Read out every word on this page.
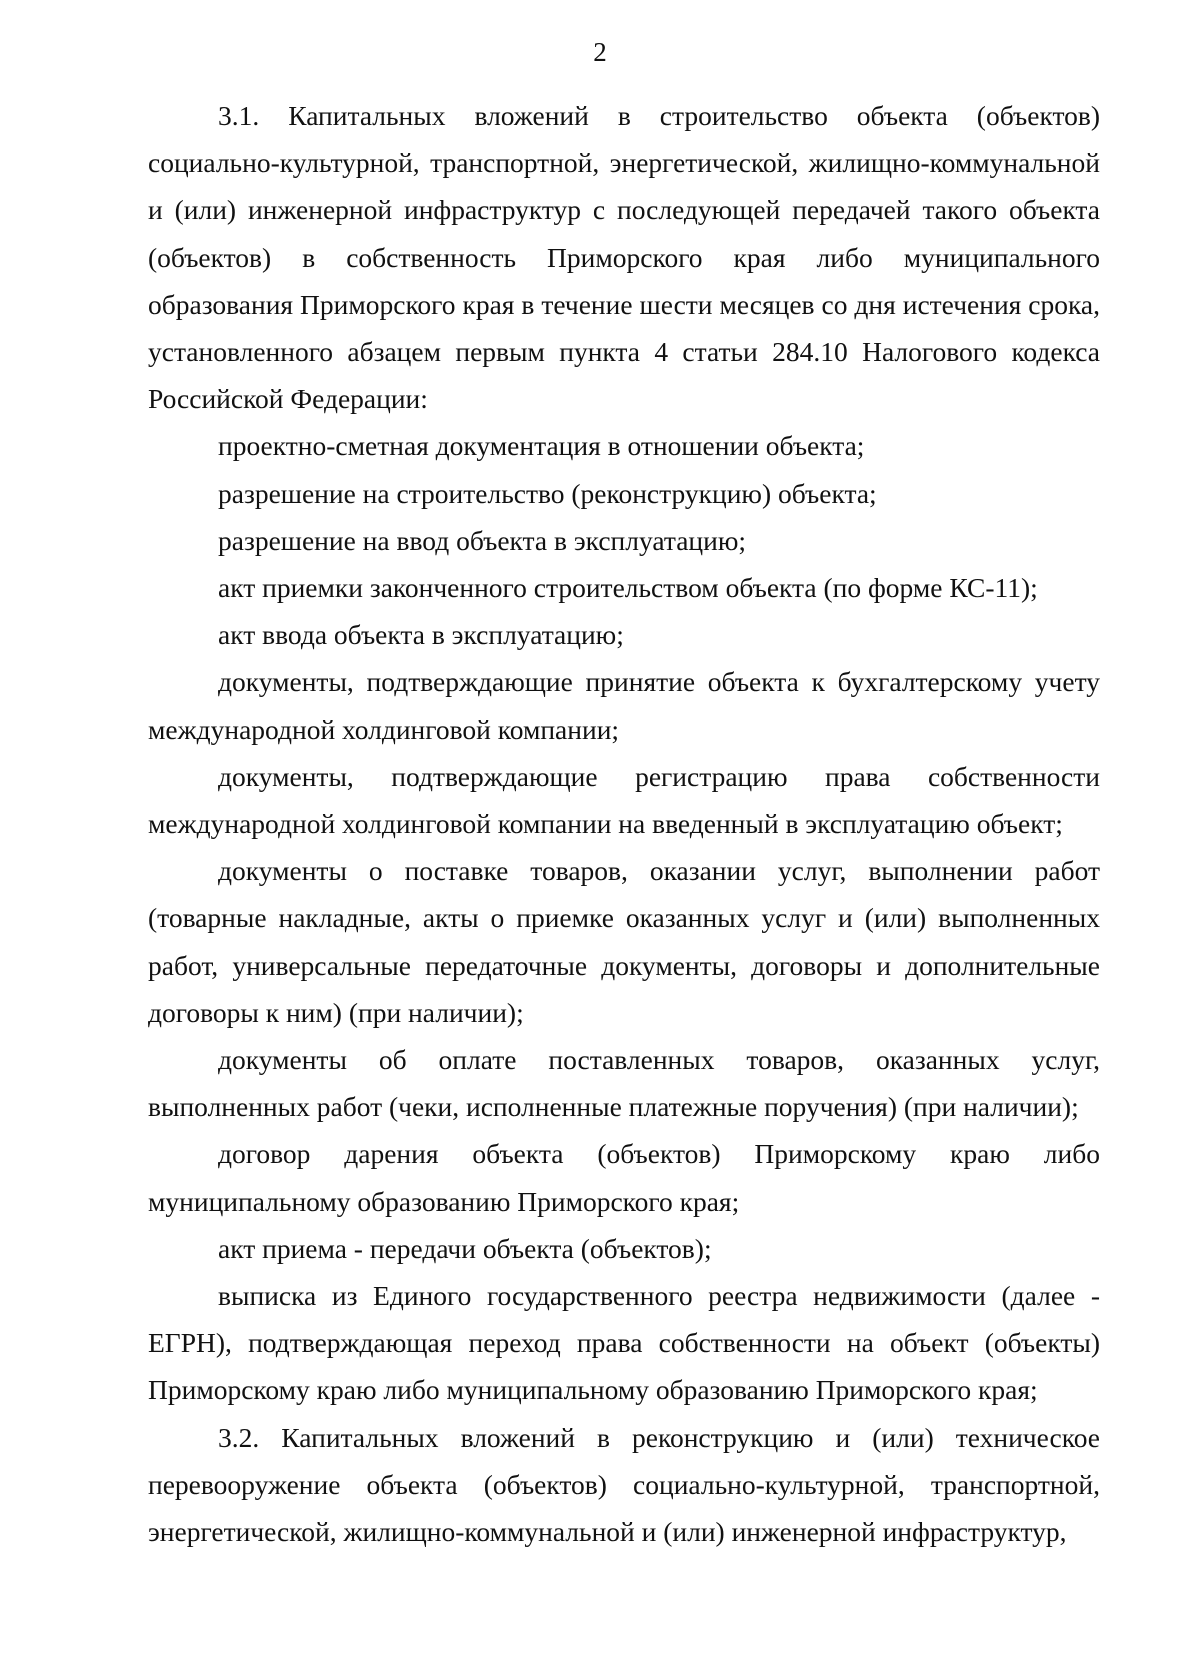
2

3.1. Капитальных вложений в строительство объекта (объектов) социально-культурной, транспортной, энергетической, жилищно-коммунальной и (или) инженерной инфраструктур с последующей передачей такого объекта (объектов) в собственность Приморского края либо муниципального образования Приморского края в течение шести месяцев со дня истечения срока, установленного абзацем первым пункта 4 статьи 284.10 Налогового кодекса Российской Федерации:

проектно-сметная документация в отношении объекта;

разрешение на строительство (реконструкцию) объекта;

разрешение на ввод объекта в эксплуатацию;

акт приемки законченного строительством объекта (по форме КС-11);

акт ввода объекта в эксплуатацию;

документы, подтверждающие принятие объекта к бухгалтерскому учету международной холдинговой компании;

документы, подтверждающие регистрацию права собственности международной холдинговой компании на введенный в эксплуатацию объект;

документы о поставке товаров, оказании услуг, выполнении работ (товарные накладные, акты о приемке оказанных услуг и (или) выполненных работ, универсальные передаточные документы, договоры и дополнительные договоры к ним) (при наличии);

документы об оплате поставленных товаров, оказанных услуг, выполненных работ (чеки, исполненные платежные поручения) (при наличии);

договор дарения объекта (объектов) Приморскому краю либо муниципальному образованию Приморского края;

акт приема - передачи объекта (объектов);

выписка из Единого государственного реестра недвижимости (далее - ЕГРН), подтверждающая переход права собственности на объект (объекты) Приморскому краю либо муниципальному образованию Приморского края;

3.2. Капитальных вложений в реконструкцию и (или) техническое перевооружение объекта (объектов) социально-культурной, транспортной, энергетической, жилищно-коммунальной и (или) инженерной инфраструктур,
